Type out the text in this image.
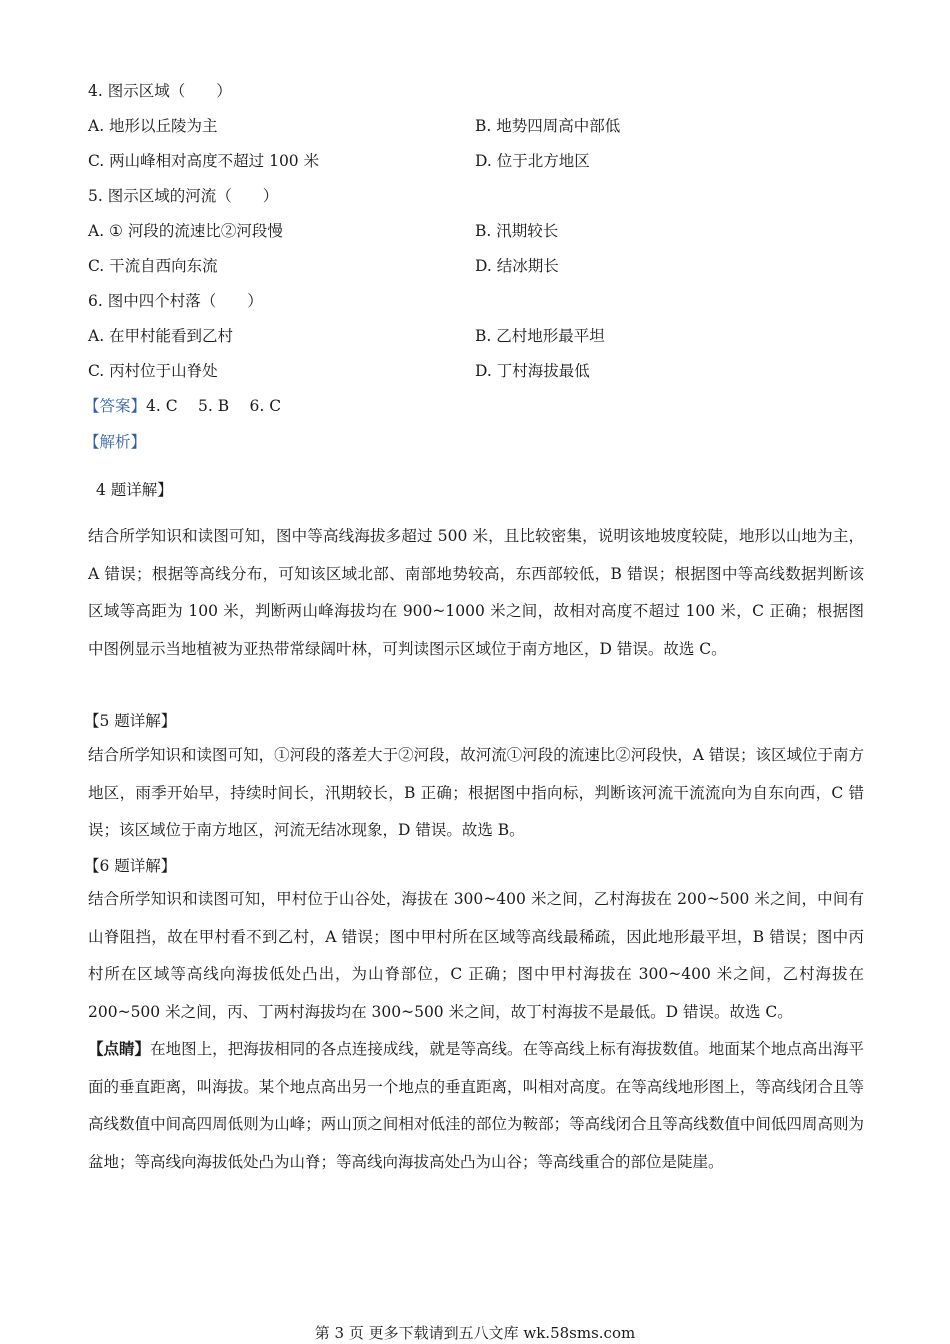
4. 图示区域（　　）
A. 地形以丘陵为主	B. 地势四周高中部低
C. 两山峰相对高度不超过 100 米	D. 位于北方地区
5. 图示区域的河流（　　）
A. ① 河段的流速比②河段慢	B. 汛期较长
C. 干流自西向东流	D. 结冰期长
6. 图中四个村落（　　）
A. 在甲村能看到乙村	B. 乙村地形最平坦
C. 丙村位于山脊处	D. 丁村海拔最低
【答案】4. C　 5. B　 6. C
【解析】
4 题详解】
结合所学知识和读图可知，图中等高线海拔多超过 500 米，且比较密集，说明该地坡度较陡，地形以山地为主，A 错误；根据等高线分布，可知该区域北部、南部地势较高，东西部较低，B 错误；根据图中等高线数据判断该区域等高距为 100 米，判断两山峰海拔均在 900~1000 米之间，故相对高度不超过 100 米，C 正确；根据图中图例显示当地植被为亚热带常绿阔叶林，可判读图示区域位于南方地区，D 错误。故选 C。
【5 题详解】
结合所学知识和读图可知，①河段的落差大于②河段，故河流①河段的流速比②河段快，A 错误；该区域位于南方地区，雨季开始早，持续时间长，汛期较长，B 正确；根据图中指向标，判断该河流干流流向为自东向西，C 错误；该区域位于南方地区，河流无结冰现象，D 错误。故选 B。
【6 题详解】
结合所学知识和读图可知，甲村位于山谷处，海拔在 300~400 米之间，乙村海拔在 200~500 米之间，中间有山脊阻挡，故在甲村看不到乙村，A 错误；图中甲村所在区域等高线最稀疏，因此地形最平坦，B 错误；图中丙村所在区域等高线向海拔低处凸出，为山脊部位，C 正确；图中甲村海拔在 300~400 米之间，乙村海拔在 200~500 米之间，丙、丁两村海拔均在 300~500 米之间，故丁村海拔不是最低。D 错误。故选 C。
【点睛】在地图上，把海拔相同的各点连接成线，就是等高线。在等高线上标有海拔数值。地面某个地点高出海平面的垂直距离，叫海拔。某个地点高出另一个地点的垂直距离，叫相对高度。在等高线地形图上，等高线闭合且等高线数值中间高四周低则为山峰；两山顶之间相对低洼的部位为鞍部；等高线闭合且等高线数值中间低四周高则为盆地；等高线向海拔低处凸为山脊；等高线向海拔高处凸为山谷；等高线重合的部位是陡崖。
第 3 页 更多下载请到五八文库 wk.58sms.com
